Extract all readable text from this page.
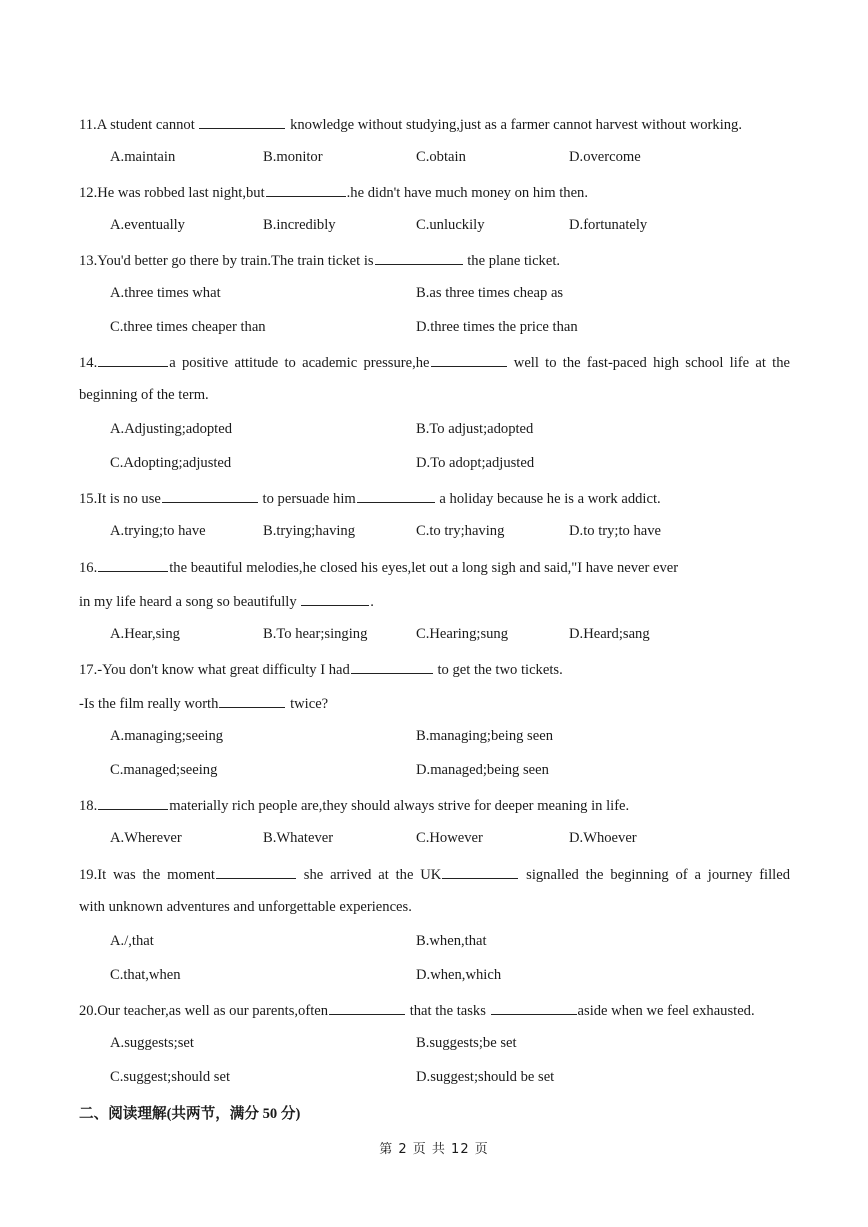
11.A student cannot	knowledge without studying,just as a farmer cannot harvest without working.
A.maintain	B.monitor	C.obtain	D.overcome
12.He was robbed last night,but	.he didn't have much money on him then.
A.eventually	B.incredibly	C.unluckily	D.fortunately
13.You'd better go there by train.The train ticket is	the plane ticket.
A.three times what	B.as three times cheap as
C.three times cheaper than	D.three times the price than
14.	a positive attitude to academic pressure,he	well to the fast-paced high school life at the
beginning of the term.
A.Adjusting;adopted	B.To adjust;adopted
C.Adopting;adjusted	D.To adopt;adjusted
15.It is no use	to persuade him	a holiday because he is a work addict.
A.trying;to have	B.trying;having	C.to try;having	D.to try;to have
16.	the beautiful melodies,he closed his eyes,let out a long sigh and said,"I have never ever
in my life heard a song so beautifully	.
A.Hear,sing	B.To hear;singing	C.Hearing;sung	D.Heard;sang
17.-You don't know what great difficulty I had	to get the two tickets.
-Is the film really worth	twice?
A.managing;seeing	B.managing;being seen
C.managed;seeing	D.managed;being seen
18.	materially rich people are,they should always strive for deeper meaning in life.
A.Wherever	B.Whatever	C.However	D.Whoever
19.It was the moment	she arrived at the UK	signalled the beginning of a journey filled
with unknown adventures and unforgettable experiences.
A./,that	B.when,that
C.that,when	D.when,which
20.Our teacher,as well as our parents,often	that the tasks	aside when we feel exhausted.
A.suggests;set	B.suggests;be set
C.suggest;should set	D.suggest;should be set
二、阅读理解(共两节，满分 50 分)
第 2 页 共 12 页
